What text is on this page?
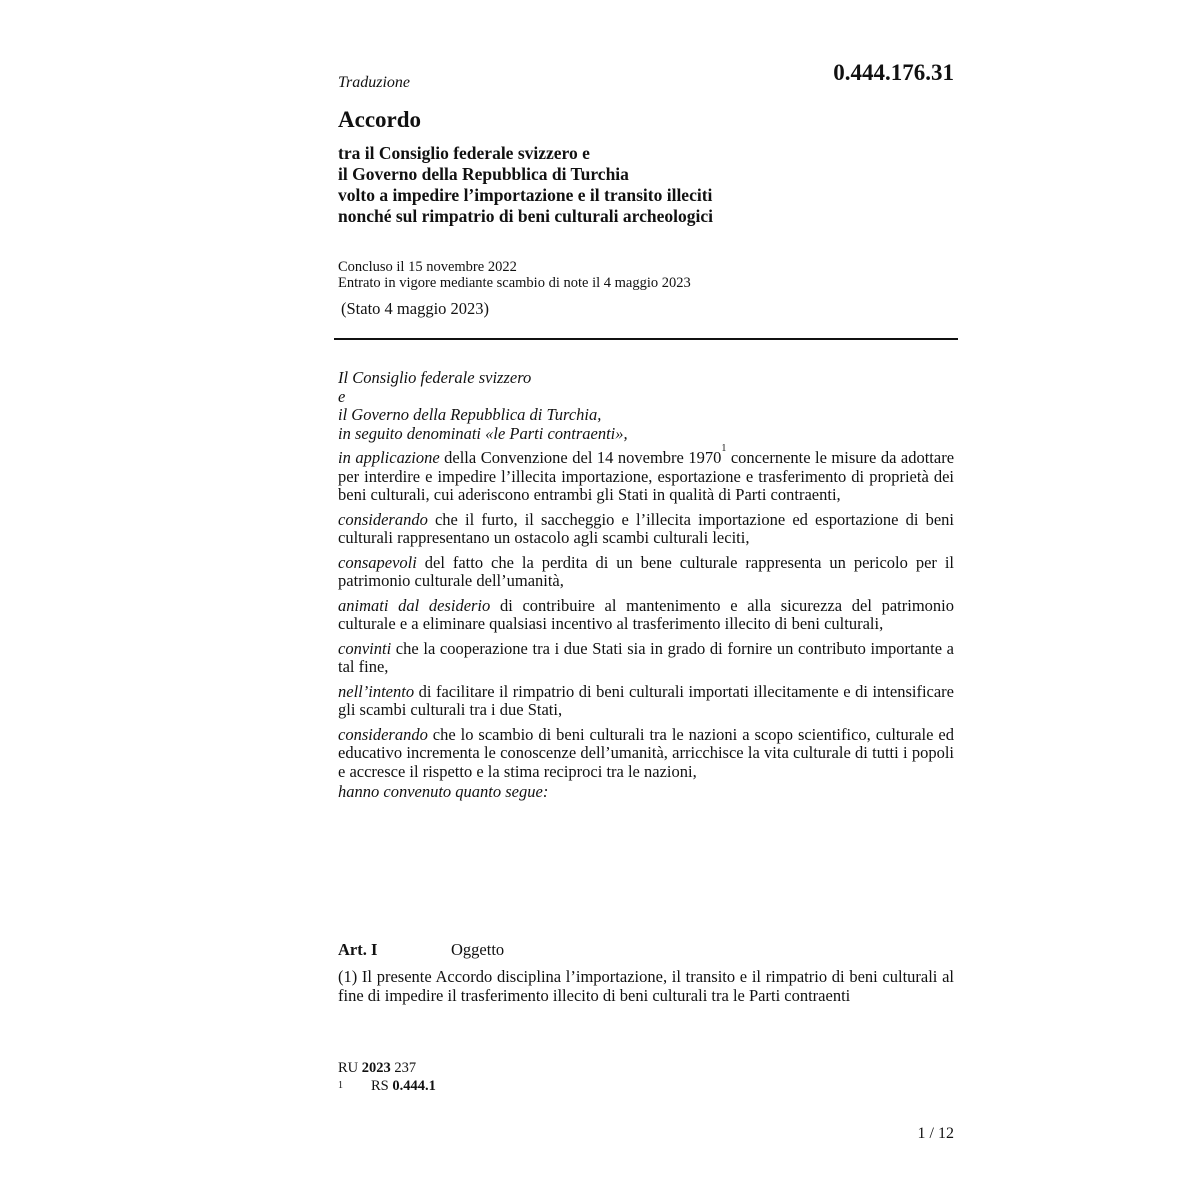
Traduzione	0.444.176.31
Accordo
tra il Consiglio federale svizzero e
il Governo della Repubblica di Turchia
volto a impedire l’importazione e il transito illeciti
nonché sul rimpatrio di beni culturali archeologici
Concluso il 15 novembre 2022
Entrato in vigore mediante scambio di note il 4 maggio 2023
(Stato 4 maggio 2023)
Il Consiglio federale svizzero
e
il Governo della Repubblica di Turchia,
in seguito denominati «le Parti contraenti»,
in applicazione della Convenzione del 14 novembre 1970$^1$ concernente le misure da adottare per interdire e impedire l’illecita importazione, esportazione e trasferimento di proprietà dei beni culturali, cui aderiscono entrambi gli Stati in qualità di Parti contraenti,
considerando che il furto, il saccheggio e l’illecita importazione ed esportazione di beni culturali rappresentano un ostacolo agli scambi culturali leciti,
consapevoli del fatto che la perdita di un bene culturale rappresenta un pericolo per il patrimonio culturale dell’umanità,
animati dal desiderio di contribuire al mantenimento e alla sicurezza del patrimonio culturale e a eliminare qualsiasi incentivo al trasferimento illecito di beni culturali,
convinti che la cooperazione tra i due Stati sia in grado di fornire un contributo importante a tal fine,
nell’intento di facilitare il rimpatrio di beni culturali importati illecitamente e di intensificare gli scambi culturali tra i due Stati,
considerando che lo scambio di beni culturali tra le nazioni a scopo scientifico, culturale ed educativo incrementa le conoscenze dell’umanità, arricchisce la vita culturale di tutti i popoli e accresce il rispetto e la stima reciproci tra le nazioni,
hanno convenuto quanto segue:
Art. I	Oggetto
(1) Il presente Accordo disciplina l’importazione, il transito e il rimpatrio di beni culturali al fine di impedire il trasferimento illecito di beni culturali tra le Parti contraenti
RU 2023 237
1 RS 0.444.1
1 / 12
